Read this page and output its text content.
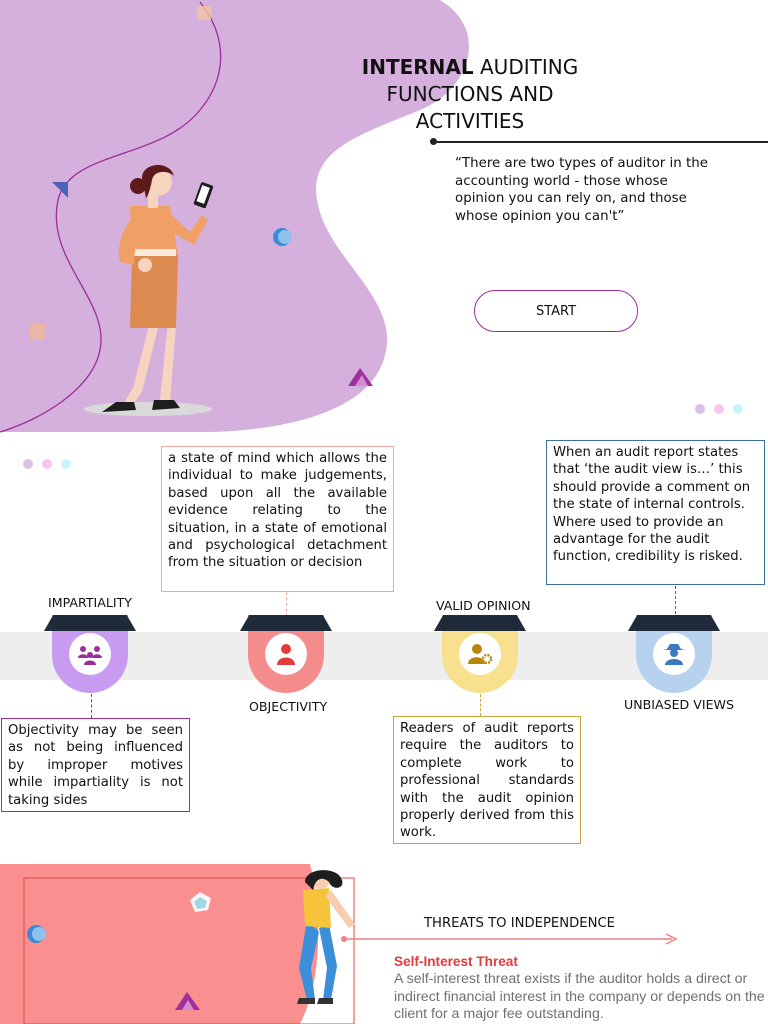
INTERNAL AUDITING
FUNCTIONS AND
ACTIVITIES
“There are two types of auditor in the accounting world - those whose opinion you can rely on, and those whose opinion you can't”
START
a state of mind which allows the individual to make judgements, based upon all the available evidence relating to the situation, in a state of emotional and psychological detachment from the situation or decision
When an audit report states that ‘the audit view is…’ this should provide a comment on the state of internal controls. Where used to provide an advantage for the audit function, credibility is risked.
IMPARTIALITY
OBJECTIVITY
VALID OPINION
UNBIASED VIEWS
Objectivity may be seen as not being influenced by improper motives while impartiality is not taking sides
Readers of audit reports require the auditors to complete work to professional standards with the audit opinion properly derived from this work.
THREATS TO INDEPENDENCE
Self-Interest Threat
A self-interest threat exists if the auditor holds a direct or indirect financial interest in the company or depends on the client for a major fee outstanding.
